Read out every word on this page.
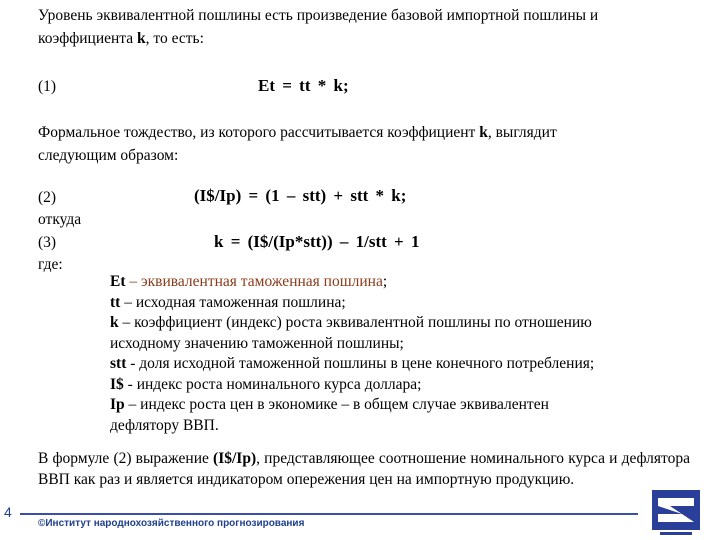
Уровень эквивалентной пошлины есть произведение базовой импортной пошлины и
коэффициента k, то есть:
(1)	Et = tt * k;
Формальное тождество, из которого рассчитывается коэффициент k, выглядит
следующим образом:
(2)	(I$/Ip) = (1 – stt) + stt * k;
откуда
(3)	k = (I$/(Ip*stt)) – 1/stt + 1
где:
Et – эквивалентная таможенная пошлина;
tt – исходная таможенная пошлина;
k – коэффициент (индекс) роста эквивалентной пошлины по отношению
исходному значению таможенной пошлины;
stt - доля исходной таможенной пошлины в цене конечного потребления;
I$ - индекс роста номинального курса доллара;
Ip – индекс роста цен в экономике – в общем случае эквивалентен
дефлятору ВВП.
В формуле (2) выражение (I$/Ip), представляющее соотношение номинального курса и дефлятора ВВП как раз и является индикатором опережения цен на импортную продукцию.
4
©Институт народнохозяйственного прогнозирования
